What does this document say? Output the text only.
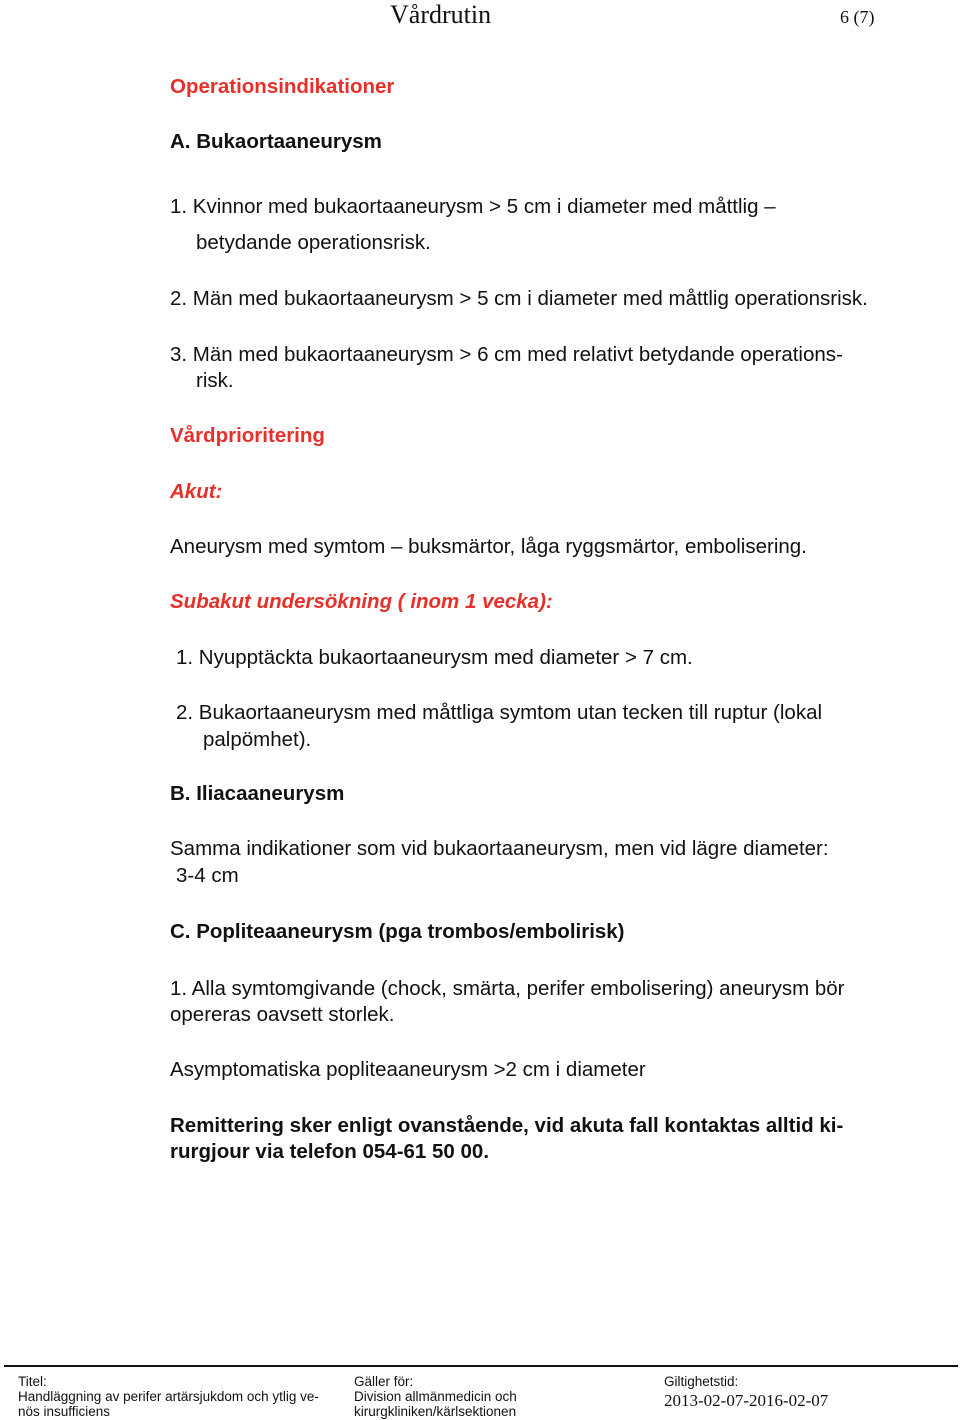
Vårdrutin	6 (7)
Operationsindikationer
A. Bukaortaaneurysm
1. Kvinnor med bukaortaaneurysm > 5 cm i diameter med måttlig –
betydande operationsrisk.
2. Män med bukaortaaneurysm > 5 cm i diameter med måttlig operationsrisk.
3. Män med bukaortaaneurysm > 6 cm med relativt betydande operations-
risk.
Vårdprioritering
Akut:
Aneurysm med symtom – buksmärtor, låga ryggsmärtor, embolisering.
Subakut undersökning ( inom 1 vecka):
1. Nyupptäckta bukaortaaneurysm med diameter > 7 cm.
2. Bukaortaaneurysm med måttliga symtom utan tecken till ruptur (lokal
palpömhet).
B. Iliacaaneurysm
Samma indikationer som vid bukaortaaneurysm, men vid lägre diameter:
3-4 cm
C. Popliteaaneurysm (pga trombos/embolirisk)
1. Alla symtomgivande (chock, smärta, perifer embolisering) aneurysm bör
opereras oavsett storlek.
Asymptomatiska popliteaaneurysm >2 cm i diameter
Remittering sker enligt ovanstående, vid akuta fall kontaktas alltid ki-
rurgjour via telefon 054-61 50 00.
Titel:
Handläggning av perifer artärsjukdom och ytlig ve-
nös insufficiens
Gäller för:
Division allmänmedicin och
kirurgkliniken/kärlsektionen
Giltighetstid:
2013-02-07-2016-02-07
